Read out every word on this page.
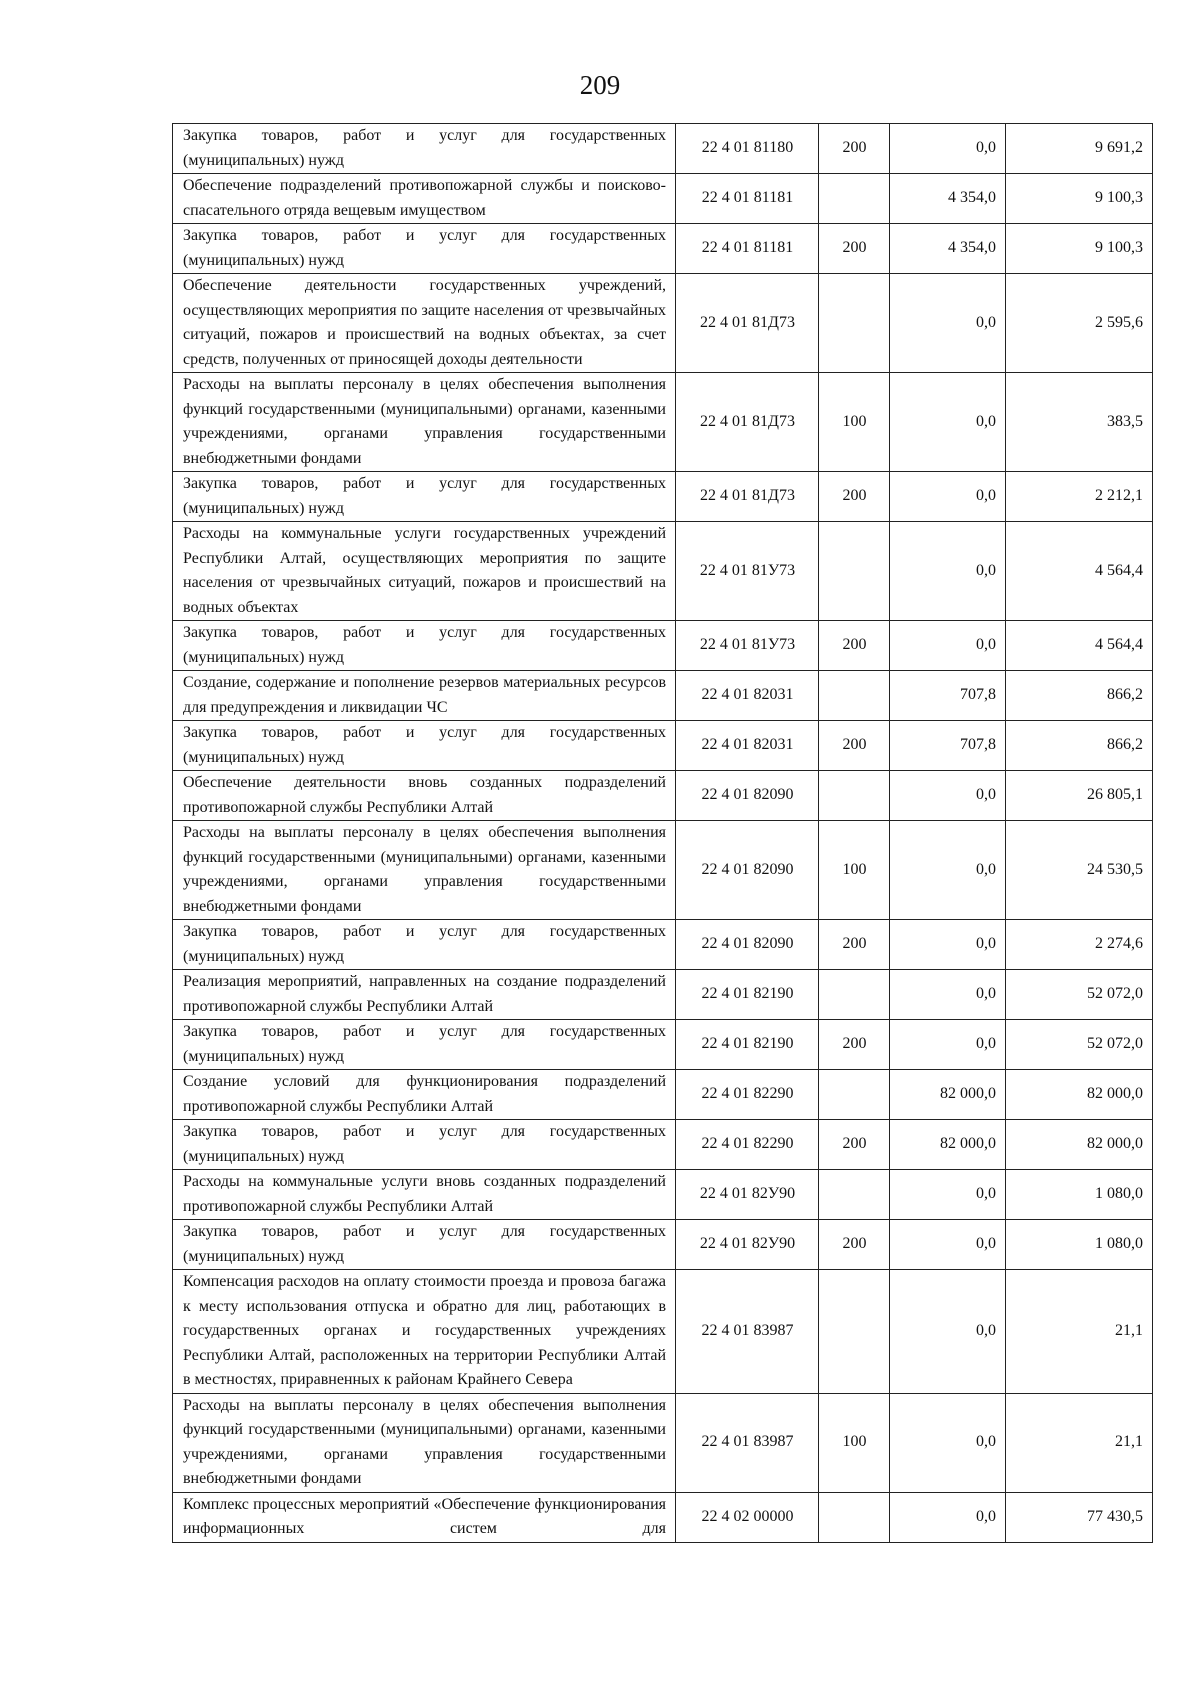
209
Закупка товаров, работ и услуг для государственных (муниципальных) нужд	22 4 01 81180	200	0,0	9 691,2
Обеспечение подразделений противопожарной службы и поисково-спасательного отряда вещевым имуществом	22 4 01 81181		4 354,0	9 100,3
Закупка товаров, работ и услуг для государственных (муниципальных) нужд	22 4 01 81181	200	4 354,0	9 100,3
Обеспечение деятельности государственных учреждений, осуществляющих мероприятия по защите населения от чрезвычайных ситуаций, пожаров и происшествий на водных объектах, за счет средств, полученных от приносящей доходы деятельности	22 4 01 81Д73		0,0	2 595,6
Расходы на выплаты персоналу в целях обеспечения выполнения функций государственными (муниципальными) органами, казенными учреждениями, органами управления государственными внебюджетными фондами	22 4 01 81Д73	100	0,0	383,5
Закупка товаров, работ и услуг для государственных (муниципальных) нужд	22 4 01 81Д73	200	0,0	2 212,1
Расходы на коммунальные услуги государственных учреждений Республики Алтай, осуществляющих мероприятия по защите населения от чрезвычайных ситуаций, пожаров и происшествий на водных объектах	22 4 01 81У73		0,0	4 564,4
Закупка товаров, работ и услуг для государственных (муниципальных) нужд	22 4 01 81У73	200	0,0	4 564,4
Создание, содержание и пополнение резервов материальных ресурсов для предупреждения и ликвидации ЧС	22 4 01 82031		707,8	866,2
Закупка товаров, работ и услуг для государственных (муниципальных) нужд	22 4 01 82031	200	707,8	866,2
Обеспечение деятельности вновь созданных подразделений противопожарной службы Республики Алтай	22 4 01 82090		0,0	26 805,1
Расходы на выплаты персоналу в целях обеспечения выполнения функций государственными (муниципальными) органами, казенными учреждениями, органами управления государственными внебюджетными фондами	22 4 01 82090	100	0,0	24 530,5
Закупка товаров, работ и услуг для государственных (муниципальных) нужд	22 4 01 82090	200	0,0	2 274,6
Реализация мероприятий, направленных на создание подразделений противопожарной службы Республики Алтай	22 4 01 82190		0,0	52 072,0
Закупка товаров, работ и услуг для государственных (муниципальных) нужд	22 4 01 82190	200	0,0	52 072,0
Создание условий для функционирования подразделений противопожарной службы Республики Алтай	22 4 01 82290		82 000,0	82 000,0
Закупка товаров, работ и услуг для государственных (муниципальных) нужд	22 4 01 82290	200	82 000,0	82 000,0
Расходы на коммунальные услуги вновь созданных подразделений противопожарной службы Республики Алтай	22 4 01 82У90		0,0	1 080,0
Закупка товаров, работ и услуг для государственных (муниципальных) нужд	22 4 01 82У90	200	0,0	1 080,0
Компенсация расходов на оплату стоимости проезда и провоза багажа к месту использования отпуска и обратно для лиц, работающих в государственных органах и государственных учреждениях Республики Алтай, расположенных на территории Республики Алтай в местностях, приравненных к районам Крайнего Севера	22 4 01 83987		0,0	21,1
Расходы на выплаты персоналу в целях обеспечения выполнения функций государственными (муниципальными) органами, казенными учреждениями, органами управления государственными внебюджетными фондами	22 4 01 83987	100	0,0	21,1
Комплекс процессных мероприятий «Обеспечение функционирования информационных систем для	22 4 02 00000		0,0	77 430,5
